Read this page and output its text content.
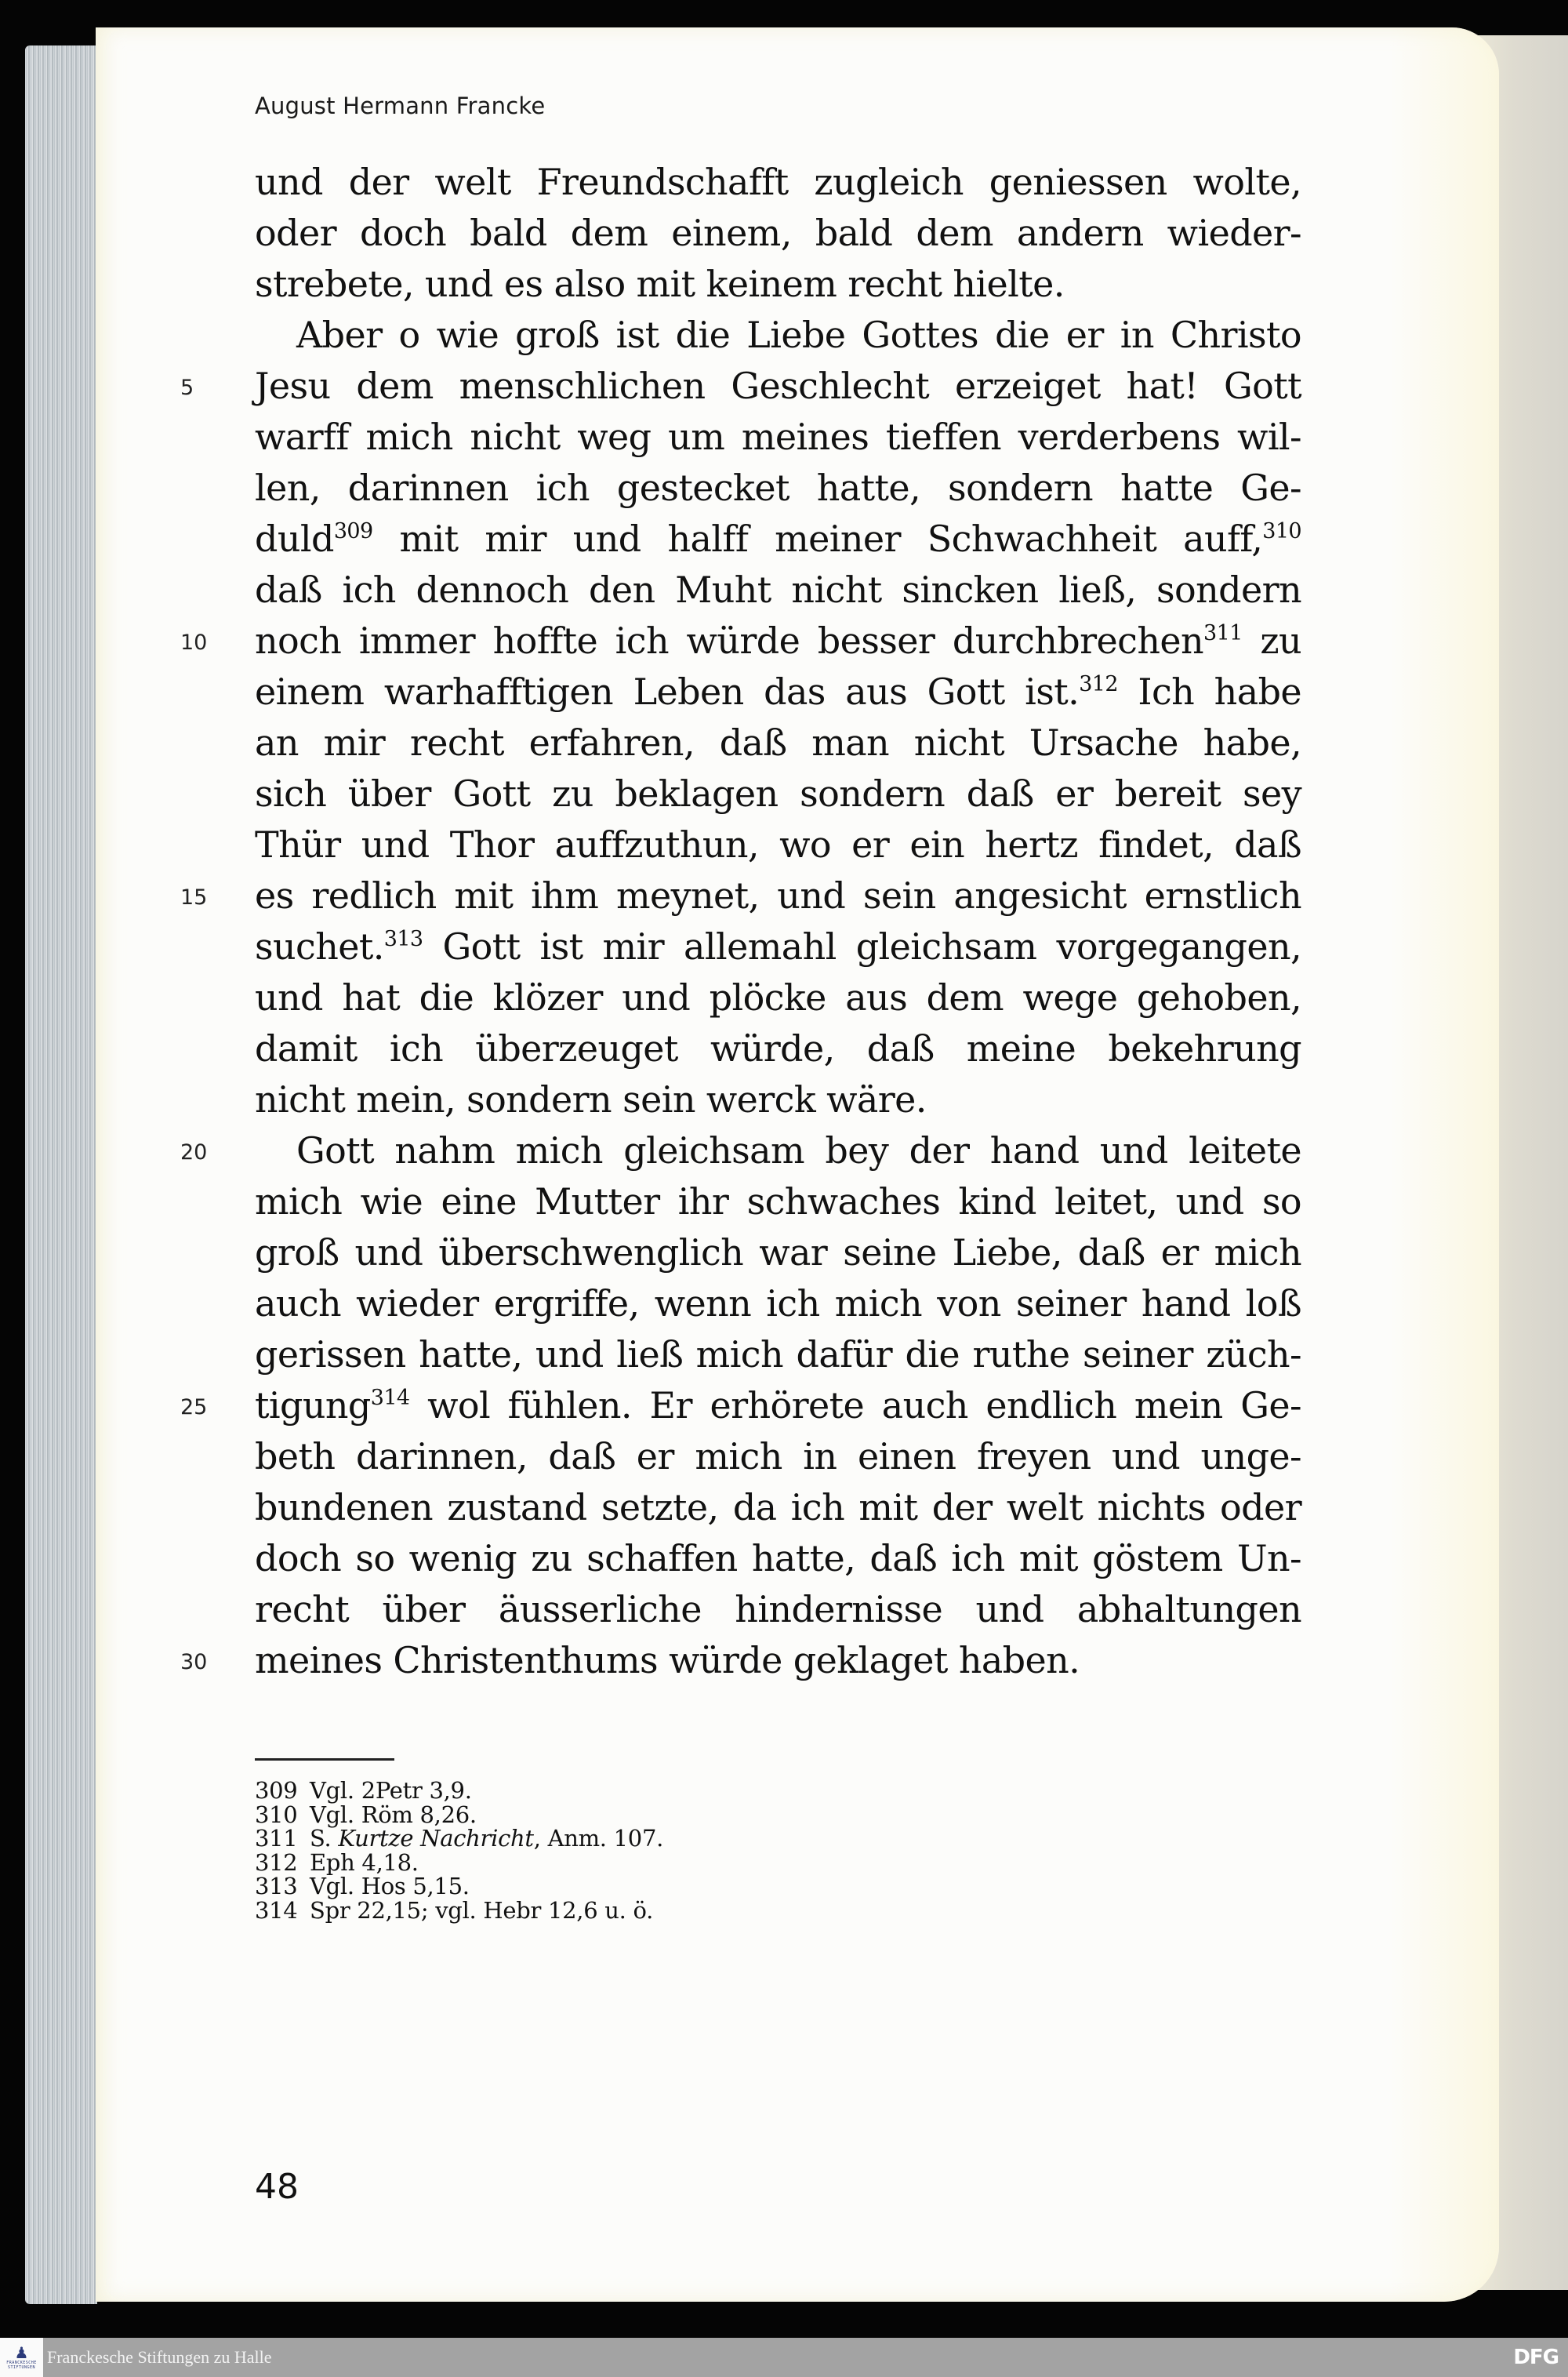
August Hermann Francke
und der welt Freundschafft zugleich geniessen wolte,
oder doch bald dem einem, bald dem andern wieder-
strebete, und es also mit keinem recht hielte.
Aber o wie groß ist die Liebe Gottes die er in Christo
5	Jesu dem menschlichen Geschlecht erzeiget hat! Gott
warff mich nicht weg um meines tieffen verderbens wil-
len, darinnen ich gestecket hatte, sondern hatte Ge-
duld$^{309}$ mit mir und halff meiner Schwachheit auff,$^{310}$
daß ich dennoch den Muht nicht sincken ließ, sondern
10	noch immer hoffte ich würde besser durchbrechen$^{311}$ zu
einem warhafftigen Leben das aus Gott ist.$^{312}$ Ich habe
an mir recht erfahren, daß man nicht Ursache habe,
sich über Gott zu beklagen sondern daß er bereit sey
Thür und Thor auffzuthun, wo er ein hertz findet, daß
15	es redlich mit ihm meynet, und sein angesicht ernstlich
suchet.$^{313}$ Gott ist mir allemahl gleichsam vorgegangen,
und hat die klözer und plöcke aus dem wege gehoben,
damit ich überzeuget würde, daß meine bekehrung
nicht mein, sondern sein werck wäre.
20	Gott nahm mich gleichsam bey der hand und leitete
mich wie eine Mutter ihr schwaches kind leitet, und so
groß und überschwenglich war seine Liebe, daß er mich
auch wieder ergriffe, wenn ich mich von seiner hand loß
gerissen hatte, und ließ mich dafür die ruthe seiner züch-
25	tigung$^{314}$ wol fühlen. Er erhörete auch endlich mein Ge-
beth darinnen, daß er mich in einen freyen und unge-
bundenen zustand setzte, da ich mit der welt nichts oder
doch so wenig zu schaffen hatte, daß ich mit göstem Un-
recht über äusserliche hindernisse und abhaltungen
30	meines Christenthums würde geklaget haben.
309 Vgl. 2Petr 3,9.
310 Vgl. Röm 8,26.
311 S. Kurtze Nachricht, Anm. 107.
312 Eph 4,18.
313 Vgl. Hos 5,15.
314 Spr 22,15; vgl. Hebr 12,6 u. ö.
48
♟
FRANCKESCHE
STIFTUNGEN
Franckesche Stiftungen zu Halle	DFG
